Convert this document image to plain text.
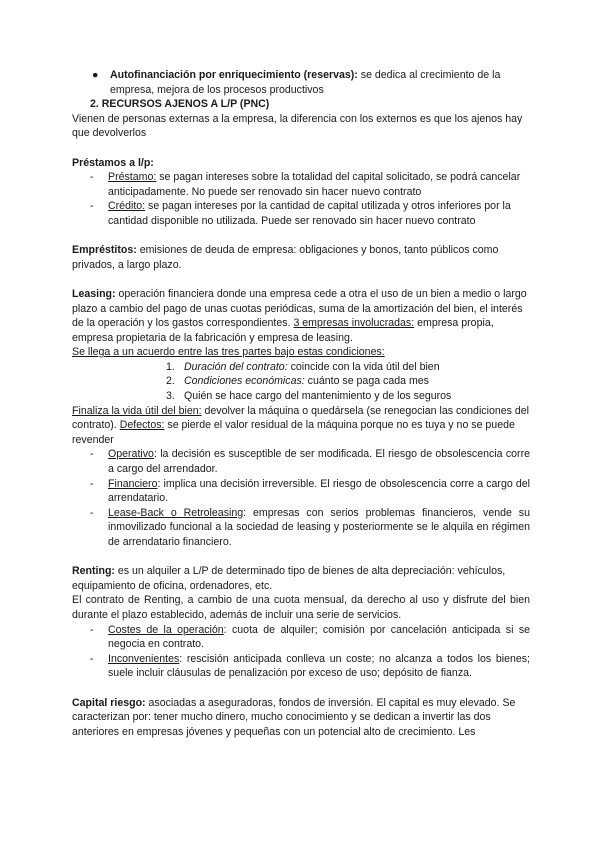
● Autofinanciación por enriquecimiento (reservas): se dedica al crecimiento de la empresa, mejora de los procesos productivos

2. RECURSOS AJENOS A L/P (PNC)

Vienen de personas externas a la empresa, la diferencia con los externos es que los ajenos hay que devolverlos

Préstamos a l/p:

- Préstamo: se pagan intereses sobre la totalidad del capital solicitado, se podrá cancelar anticipadamente. No puede ser renovado sin hacer nuevo contrato

- Crédito: se pagan intereses por la cantidad de capital utilizada y otros inferiores por la cantidad disponible no utilizada. Puede ser renovado sin hacer nuevo contrato

Empréstitos: emisiones de deuda de empresa: obligaciones y bonos, tanto públicos como privados, a largo plazo.

Leasing: operación financiera donde una empresa cede a otra el uso de un bien a medio o largo plazo a cambio del pago de unas cuotas periódicas, suma de la amortización del bien, el interés de la operación y los gastos correspondientes. 3 empresas involucradas: empresa propia, empresa propietaria de la fabricación y empresa de leasing.

Se llega a un acuerdo entre las tres partes bajo estas condiciones:

1. Duración del contrato: coincide con la vida útil del bien

2. Condiciones económicas: cuánto se paga cada mes

3. Quién se hace cargo del mantenimiento y de los seguros

Finaliza la vida útil del bien: devolver la máquina o quedársela (se renegocian las condiciones del contrato). Defectos: se pierde el valor residual de la máquina porque no es tuya y no se puede revender

- Operativo: la decisión es susceptible de ser modificada. El riesgo de obsolescencia corre a cargo del arrendador.

- Financiero: implica una decisión irreversible. El riesgo de obsolescencia corre a cargo del arrendatario.

- Lease-Back o Retroleasing: empresas con serios problemas financieros, vende su inmovilizado funcional a la sociedad de leasing y posteriormente se le alquila en régimen de arrendatario financiero.

Renting: es un alquiler a L/P de determinado tipo de bienes de alta depreciación: vehículos, equipamiento de oficina, ordenadores, etc.

El contrato de Renting, a cambio de una cuota mensual, da derecho al uso y disfrute del bien durante el plazo establecido, además de incluir una serie de servicios.

- Costes de la operación: cuota de alquiler; comisión por cancelación anticipada si se negocia en contrato.

- Inconvenientes: rescisión anticipada conlleva un coste; no alcanza a todos los bienes; suele incluir cláusulas de penalización por exceso de uso; depósito de fianza.

Capital riesgo: asociadas a aseguradoras, fondos de inversión. El capital es muy elevado. Se caracterizan por: tener mucho dinero, mucho conocimiento y se dedican a invertir las dos anteriores en empresas jóvenes y pequeñas con un potencial alto de crecimiento. Les
